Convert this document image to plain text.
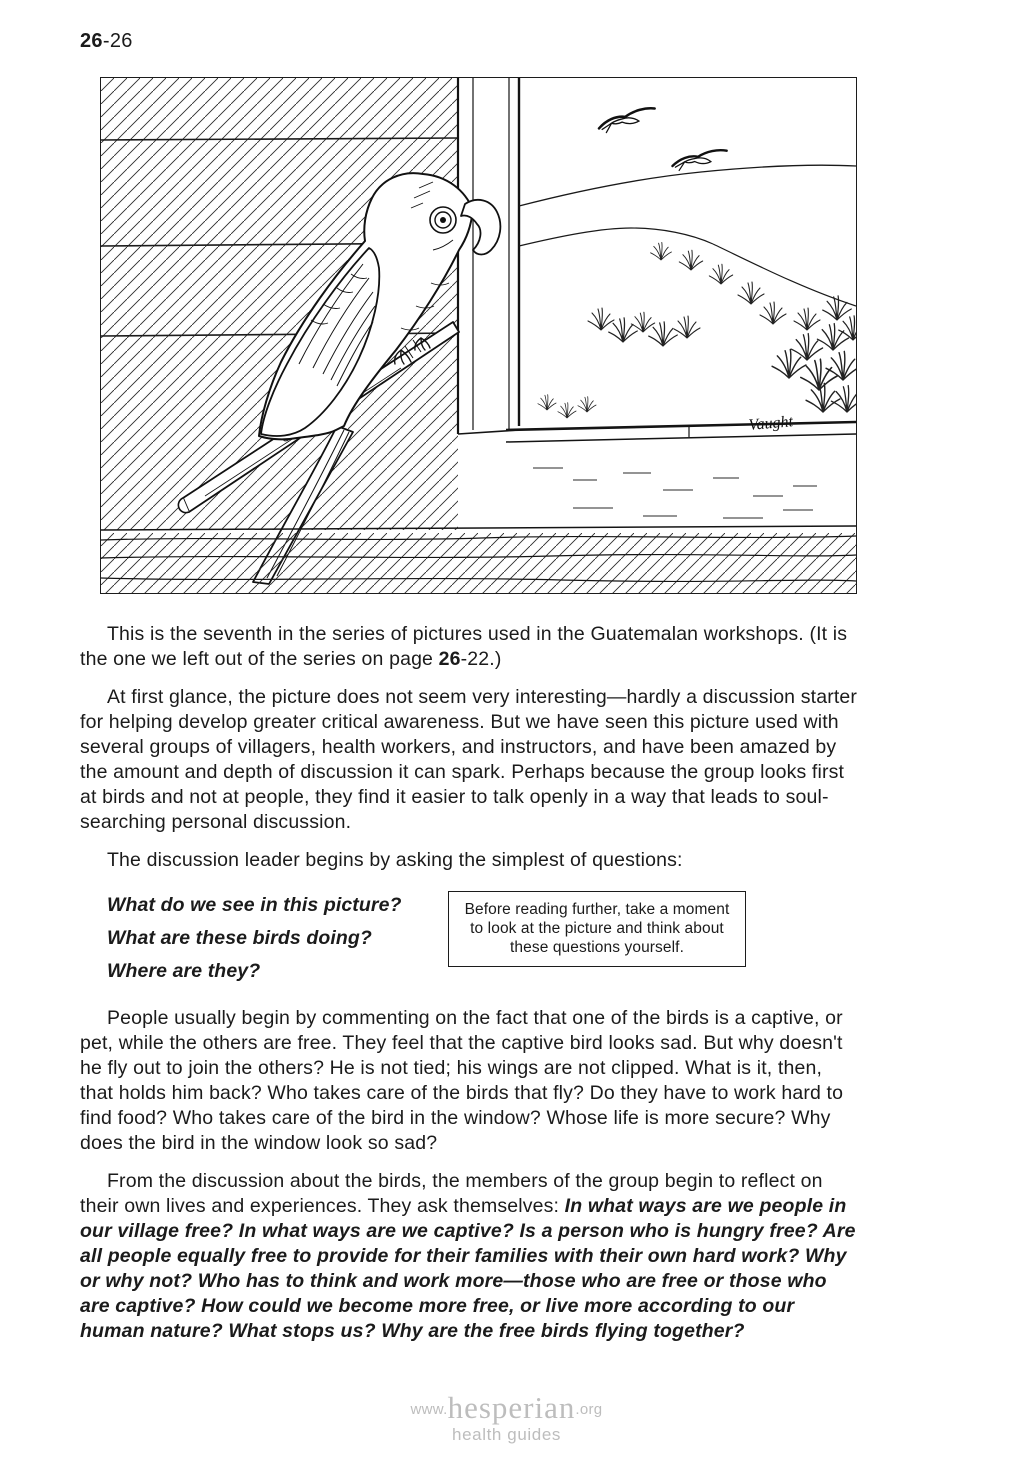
26-26
Vaught

This is the seventh in the series of pictures used in the Guatemalan workshops. (It is the one we left out of the series on page 26-22.)

At first glance, the picture does not seem very interesting—hardly a discussion starter for helping develop greater critical awareness. But we have seen this picture used with several groups of villagers, health workers, and instructors, and have been amazed by the amount and depth of discussion it can spark. Perhaps because the group looks first at birds and not at people, they find it easier to talk openly in a way that leads to soul-searching personal discussion.

The discussion leader begins by asking the simplest of questions:

What do we see in this picture?
What are these birds doing?
Where are they?
Before reading further, take a moment to look at the picture and think about these questions yourself.

People usually begin by commenting on the fact that one of the birds is a captive, or pet, while the others are free. They feel that the captive bird looks sad. But why doesn't he fly out to join the others? He is not tied; his wings are not clipped. What is it, then, that holds him back? Who takes care of the birds that fly? Do they have to work hard to find food? Who takes care of the bird in the window? Whose life is more secure? Why does the bird in the window look so sad?

From the discussion about the birds, the members of the group begin to reflect on their own lives and experiences. They ask themselves: In what ways are we people in our village free? In what ways are we captive? Is a person who is hungry free? Are all people equally free to provide for their families with their own hard work? Why or why not? Who has to think and work more—those who are free or those who are captive? How could we become more free, or live more according to our human nature? What stops us? Why are the free birds flying together?

www.hesperian.org
health guides
